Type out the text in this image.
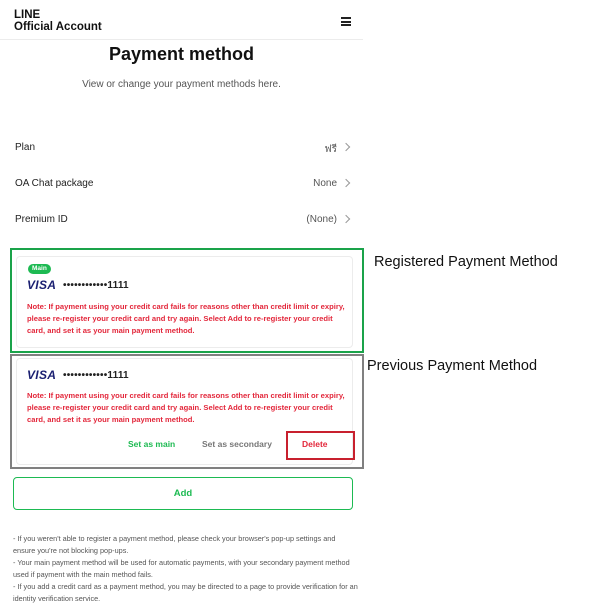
LINE
Official Account
Payment method
View or change your payment methods here.
Plan	ฟรี
OA Chat package	None
Premium ID	(None)
Main
VISA ••••••••••••1111
Note: If payment using your credit card fails for reasons other than credit limit or expiry, please re-register your credit card and try again. Select Add to re-register your credit card, and set it as your main payment method.
VISA ••••••••••••1111
Note: If payment using your credit card fails for reasons other than credit limit or expiry, please re-register your credit card and try again. Select Add to re-register your credit card, and set it as your main payment method.
Set as main	Set as secondary	Delete
Add
- If you weren't able to register a payment method, please check your browser's pop-up settings and ensure you're not blocking pop-ups.
- Your main payment method will be used for automatic payments, with your secondary payment method used if payment with the main method fails.
- If you add a credit card as a payment method, you may be directed to a page to provide verification for an identity verification service.
Registered Payment Method
Previous Payment Method
